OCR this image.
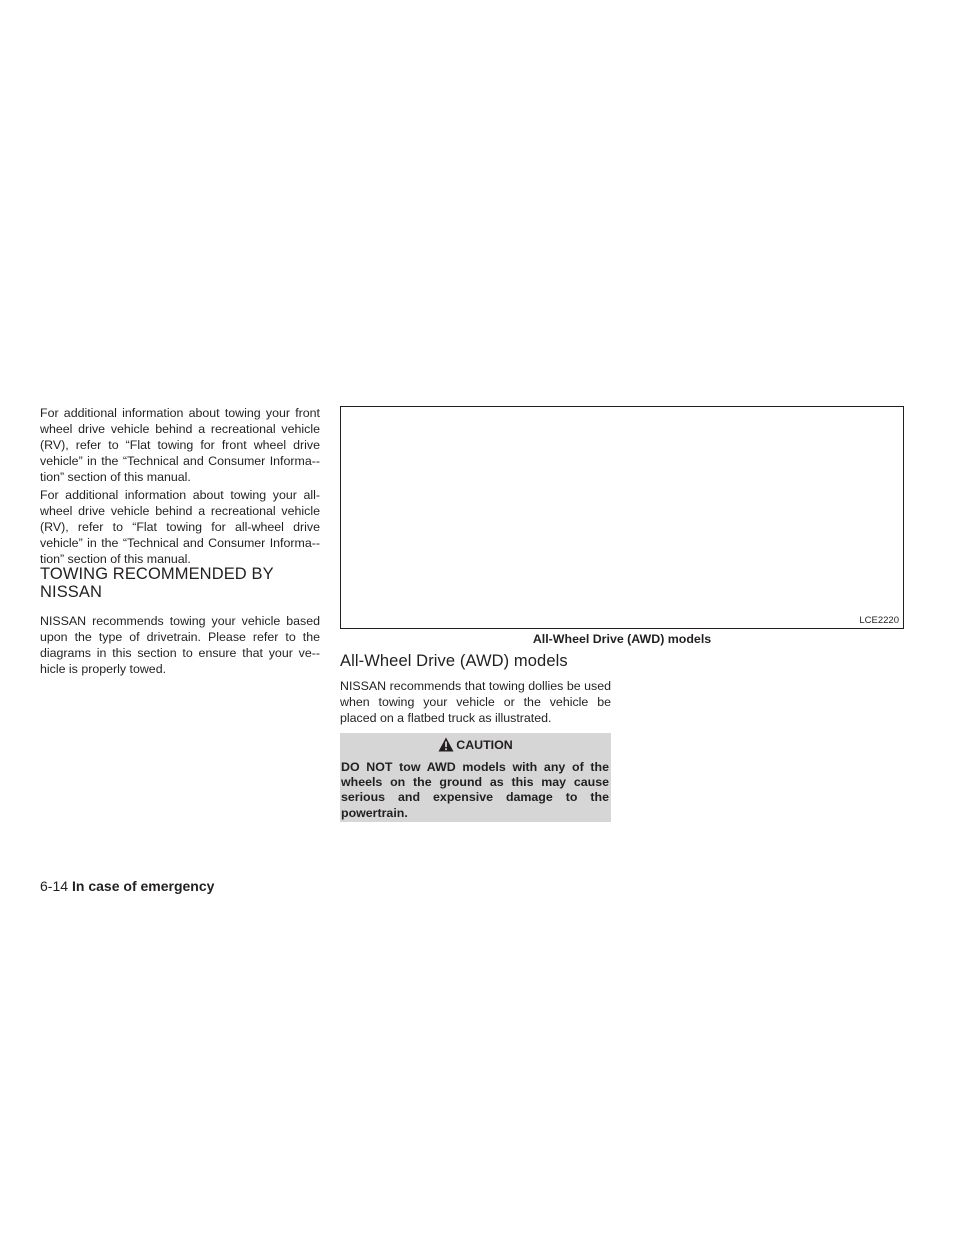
For additional information about towing your front wheel drive vehicle behind a recreational vehicle (RV), refer to “Flat towing for front wheel drive vehicle” in the “Technical and Consumer Informa-tion” section of this manual.

For additional information about towing your all-wheel drive vehicle behind a recreational vehicle (RV), refer to “Flat towing for all-wheel drive vehicle” in the “Technical and Consumer Informa-tion” section of this manual.

TOWING RECOMMENDED BY
NISSAN

NISSAN recommends towing your vehicle based upon the type of drivetrain. Please refer to the diagrams in this section to ensure that your ve-hicle is properly towed.

LCE2220
All-Wheel Drive (AWD) models
All-Wheel Drive (AWD) models

NISSAN recommends that towing dollies be used when towing your vehicle or the vehicle be placed on a flatbed truck as illustrated.

CAUTION
DO NOT tow AWD models with any of the wheels on the ground as this may cause serious and expensive damage to the powertrain.
6-14 In case of emergency
